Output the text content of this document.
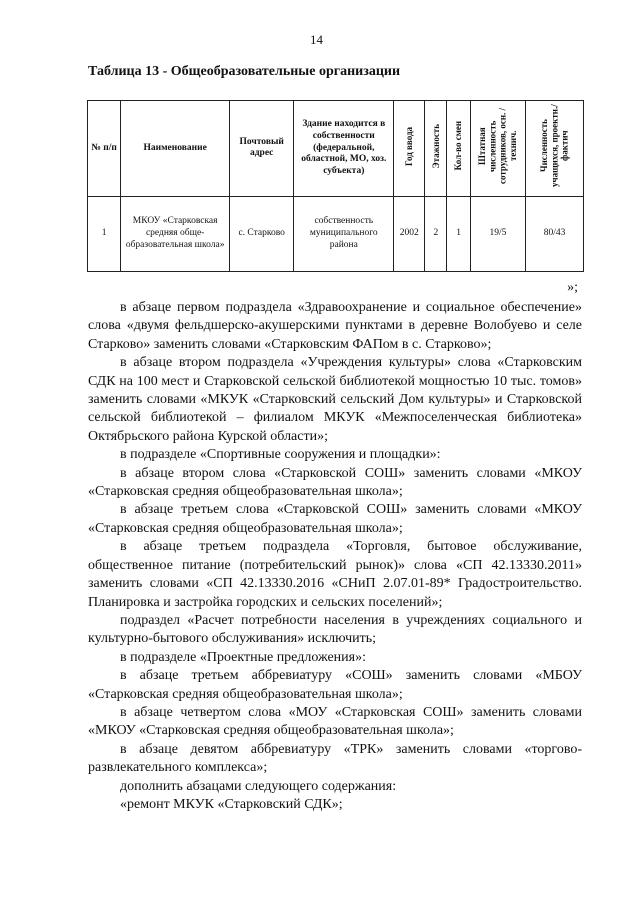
14
Таблица 13 - Общеобразовательные организации
№ п/п	Наименование	Почтовый адрес	Здание находится в собственности (федеральной, областной, МО, хоз. субъекта)	Год ввода	Этажность	Кол-во смен	Штатная численность сотрудников, осн. /технич.	Численность учащихся, проектн./ фактич
1	МКОУ «Старковская средняя обще-образовательная школа»	с. Старково	собственность муниципального района	2002	2	1	19/5	80/43
»;

в абзаце первом подраздела «Здравоохранение и социальное обеспечение» слова «двумя фельдшерско-акушерскими пунктами в деревне Волобуево и селе Старково» заменить словами «Старковским ФАПом в с. Старково»;

в абзаце втором подраздела «Учреждения культуры» слова «Старковским СДК на 100 мест и Старковской сельской библиотекой мощностью 10 тыс. томов» заменить словами «МКУК «Старковский сельский Дом культуры» и Старковской сельской библиотекой – филиалом МКУК «Межпоселенческая библиотека» Октябрьского района Курской области»;

в подразделе «Спортивные сооружения и площадки»:

в абзаце втором слова «Старковской СОШ» заменить словами «МКОУ «Старковская средняя общеобразовательная школа»;

в абзаце третьем слова «Старковской СОШ» заменить словами «МКОУ «Старковская средняя общеобразовательная школа»;

в абзаце третьем подраздела «Торговля, бытовое обслуживание, общественное питание (потребительский рынок)» слова «СП 42.13330.2011» заменить словами «СП 42.13330.2016 «СНиП 2.07.01-89* Градостроительство. Планировка и застройка городских и сельских поселений»;

подраздел «Расчет потребности населения в учреждениях социального и культурно-бытового обслуживания» исключить;

в подразделе «Проектные предложения»:

в абзаце третьем аббревиатуру «СОШ» заменить словами «МБОУ «Старковская средняя общеобразовательная школа»;

в абзаце четвертом слова «МОУ «Старковская СОШ» заменить словами «МКОУ «Старковская средняя общеобразовательная школа»;

в абзаце девятом аббревиатуру «ТРК» заменить словами «торгово-развлекательного комплекса»;

дополнить абзацами следующего содержания:

«ремонт МКУК «Старковский СДК»;
